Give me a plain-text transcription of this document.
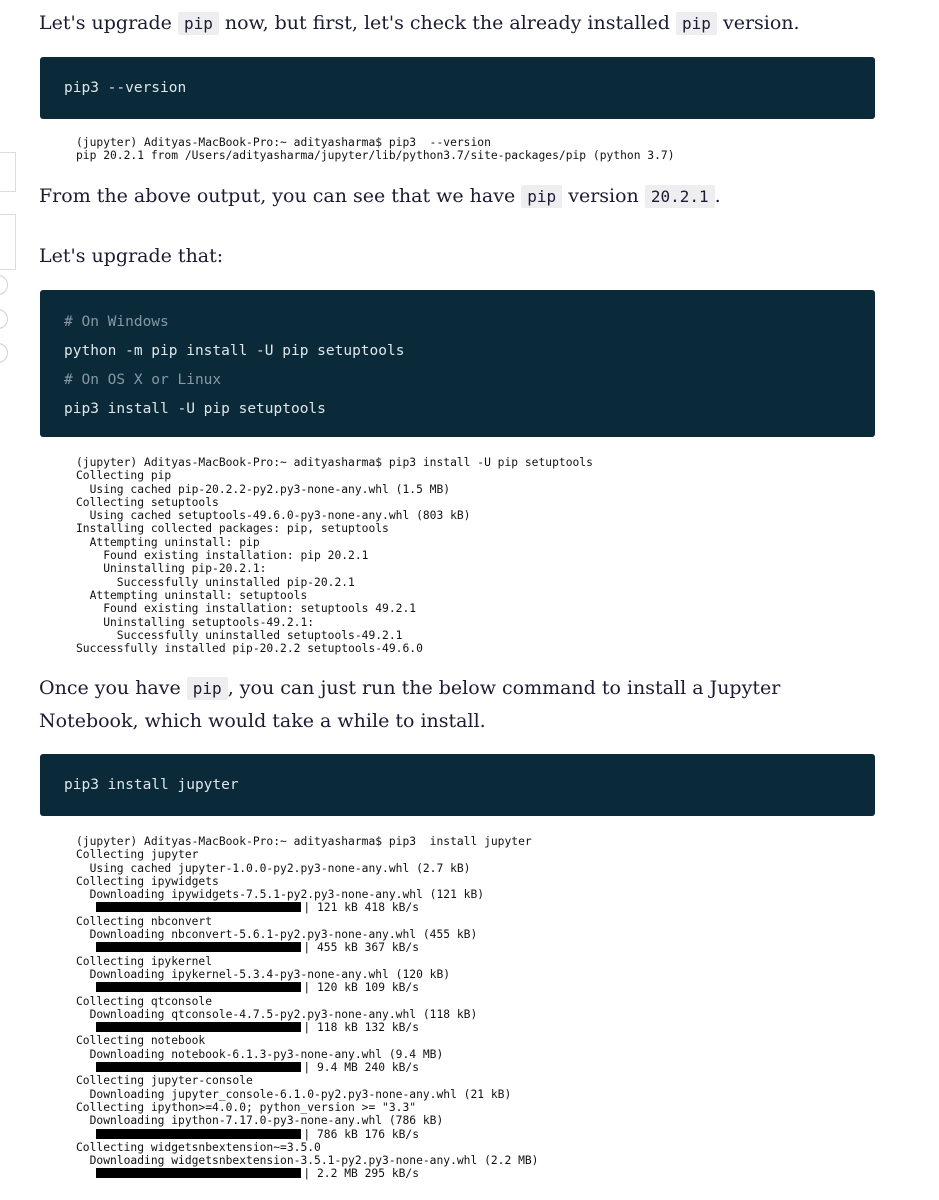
Let's upgrade pip now, but first, let's check the already installed pip version.

pip3 --version
(jupyter) Adityas-MacBook-Pro:~ adityasharma$ pip3  --version
pip 20.2.1 from /Users/adityasharma/jupyter/lib/python3.7/site-packages/pip (python 3.7)

From the above output, you can see that we have pip version 20.2.1 .

Let's upgrade that:

# On Windows
python -m pip install -U pip setuptools
# On OS X or Linux
pip3 install -U pip setuptools
(jupyter) Adityas-MacBook-Pro:~ adityasharma$ pip3 install -U pip setuptools
Collecting pip
Using cached pip-20.2.2-py2.py3-none-any.whl (1.5 MB)
Collecting setuptools
Using cached setuptools-49.6.0-py3-none-any.whl (803 kB)
Installing collected packages: pip, setuptools
Attempting uninstall: pip
Found existing installation: pip 20.2.1
Uninstalling pip-20.2.1:
Successfully uninstalled pip-20.2.1
Attempting uninstall: setuptools
Found existing installation: setuptools 49.2.1
Uninstalling setuptools-49.2.1:
Successfully uninstalled setuptools-49.2.1
Successfully installed pip-20.2.2 setuptools-49.6.0

Once you have pip , you can just run the below command to install a Jupyter Notebook, which would take a while to install.

pip3 install jupyter
(jupyter) Adityas-MacBook-Pro:~ adityasharma$ pip3  install jupyter
Collecting jupyter
Using cached jupyter-1.0.0-py2.py3-none-any.whl (2.7 kB)
Collecting ipywidgets
Downloading ipywidgets-7.5.1-py2.py3-none-any.whl (121 kB)
| 121 kB 418 kB/s
Collecting nbconvert
Downloading nbconvert-5.6.1-py2.py3-none-any.whl (455 kB)
| 455 kB 367 kB/s
Collecting ipykernel
Downloading ipykernel-5.3.4-py3-none-any.whl (120 kB)
| 120 kB 109 kB/s
Collecting qtconsole
Downloading qtconsole-4.7.5-py2.py3-none-any.whl (118 kB)
| 118 kB 132 kB/s
Collecting notebook
Downloading notebook-6.1.3-py3-none-any.whl (9.4 MB)
| 9.4 MB 240 kB/s
Collecting jupyter-console
Downloading jupyter_console-6.1.0-py2.py3-none-any.whl (21 kB)
Collecting ipython>=4.0.0; python_version >= "3.3"
Downloading ipython-7.17.0-py3-none-any.whl (786 kB)
| 786 kB 176 kB/s
Collecting widgetsnbextension~=3.5.0
Downloading widgetsnbextension-3.5.1-py2.py3-none-any.whl (2.2 MB)
| 2.2 MB 295 kB/s
